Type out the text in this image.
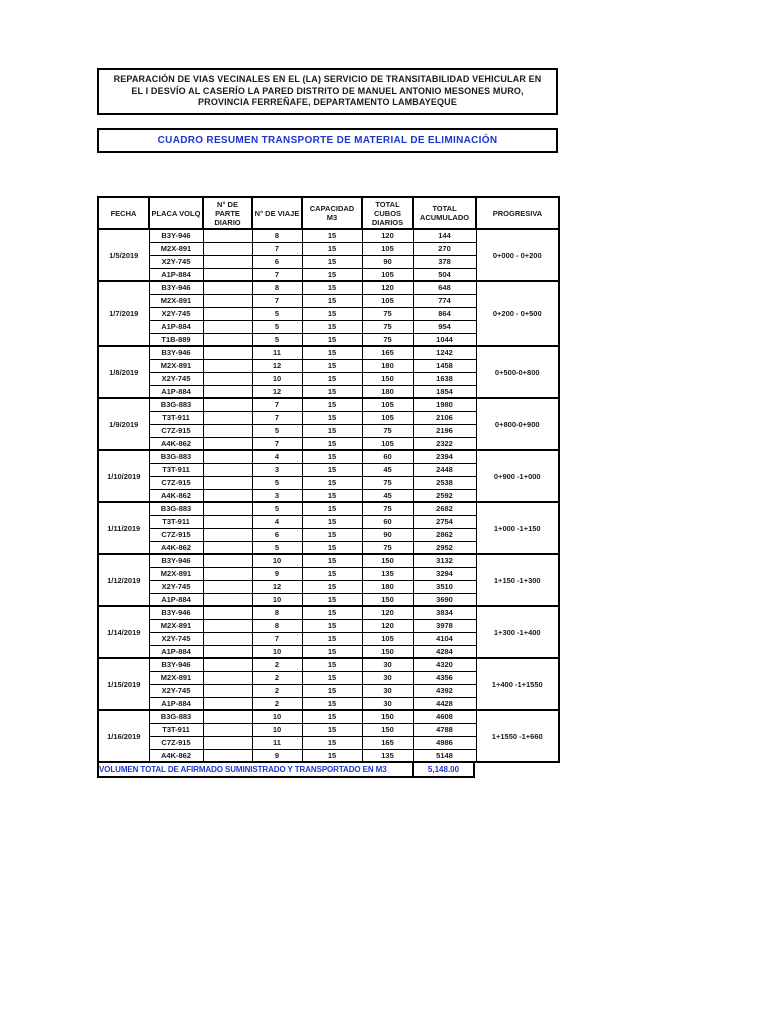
REPARACIÓN DE VIAS VECINALES EN EL (LA) SERVICIO DE TRANSITABILIDAD VEHICULAR EN
EL I DESVÍO AL CASERÍO LA PARED DISTRITO DE MANUEL ANTONIO MESONES MURO,
PROVINCIA FERREÑAFE, DEPARTAMENTO LAMBAYEQUE
CUADRO RESUMEN TRANSPORTE DE MATERIAL DE ELIMINACIÓN
FECHA	PLACA VOLQ	N° DE PARTE DIARIO	N° DE VIAJE	CAPACIDAD M3	TOTAL CUBOS DIARIOS	TOTAL ACUMULADO	PROGRESIVA
1/5/2019	B3Y-946		8	15	120	144	0+000 - 0+200
	M2X-891		7	15	105	270	
	X2Y-745		6	15	90	378	
	A1P-884		7	15	105	504	
1/7/2019	B3Y-946		8	15	120	648	0+200 - 0+500
	M2X-891		7	15	105	774	
	X2Y-745		5	15	75	864	
	A1P-884		5	15	75	954	
	T1B-889		5	15	75	1044	
1/8/2019	B3Y-946		11	15	165	1242	0+500-0+800
	M2X-891		12	15	180	1458	
	X2Y-745		10	15	150	1638	
	A1P-884		12	15	180	1854	
1/9/2019	B3G-883		7	15	105	1980	0+800-0+900
	T3T-911		7	15	105	2106	
	C7Z-915		5	15	75	2196	
	A4K-862		7	15	105	2322	
1/10/2019	B3G-883		4	15	60	2394	0+900 -1+000
	T3T-911		3	15	45	2448	
	C7Z-915		5	15	75	2538	
	A4K-862		3	15	45	2592	
1/11/2019	B3G-883		5	15	75	2682	1+000 -1+150
	T3T-911		4	15	60	2754	
	C7Z-915		6	15	90	2862	
	A4K-862		5	15	75	2952	
1/12/2019	B3Y-946		10	15	150	3132	1+150 -1+300
	M2X-891		9	15	135	3294	
	X2Y-745		12	15	180	3510	
	A1P-884		10	15	150	3690	
1/14/2019	B3Y-946		8	15	120	3834	1+300 -1+400
	M2X-891		8	15	120	3978	
	X2Y-745		7	15	105	4104	
	A1P-884		10	15	150	4284	
1/15/2019	B3Y-946		2	15	30	4320	1+400 -1+1550
	M2X-891		2	15	30	4356	
	X2Y-745		2	15	30	4392	
	A1P-884		2	15	30	4428	
1/16/2019	B3G-883		10	15	150	4608	1+1550 -1+660
	T3T-911		10	15	150	4788	
	C7Z-915		11	15	165	4986	
	A4K-862		9	15	135	5148	
VOLUMEN TOTAL DE AFIRMADO SUMINISTRADO Y TRANSPORTADO EN M3	5,148.00
